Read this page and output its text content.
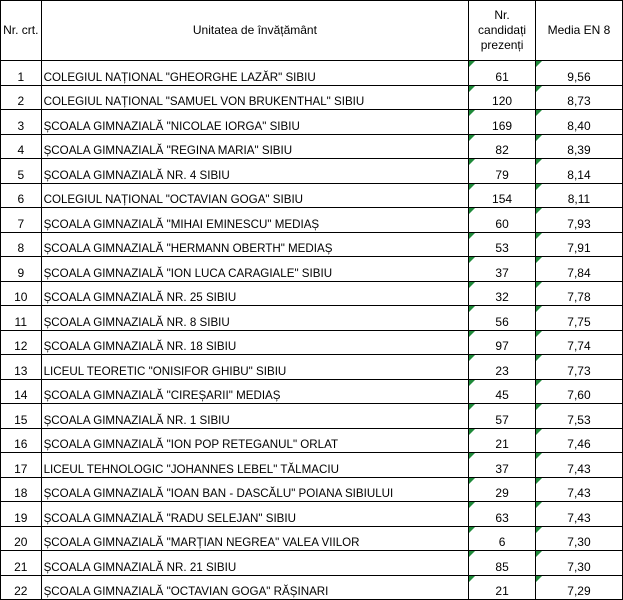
Nr. crt.	Unitatea de învățământ	Nr. candidați prezenți	Media EN 8
1	COLEGIUL NAȚIONAL "GHEORGHE LAZĂR" SIBIU	61	9,56
2	COLEGIUL NAȚIONAL "SAMUEL VON BRUKENTHAL" SIBIU	120	8,73
3	ȘCOALA GIMNAZIALĂ "NICOLAE IORGA" SIBIU	169	8,40
4	ȘCOALA GIMNAZIALĂ "REGINA MARIA" SIBIU	82	8,39
5	ȘCOALA GIMNAZIALĂ NR. 4 SIBIU	79	8,14
6	COLEGIUL NAȚIONAL "OCTAVIAN GOGA" SIBIU	154	8,11
7	ȘCOALA GIMNAZIALĂ "MIHAI EMINESCU" MEDIAȘ	60	7,93
8	ȘCOALA GIMNAZIALĂ "HERMANN OBERTH" MEDIAȘ	53	7,91
9	ȘCOALA GIMNAZIALĂ "ION LUCA CARAGIALE" SIBIU	37	7,84
10	ȘCOALA GIMNAZIALĂ NR. 25 SIBIU	32	7,78
11	ȘCOALA GIMNAZIALĂ NR. 8 SIBIU	56	7,75
12	ȘCOALA GIMNAZIALĂ NR. 18 SIBIU	97	7,74
13	LICEUL TEORETIC "ONISIFOR GHIBU" SIBIU	23	7,73
14	ȘCOALA GIMNAZIALĂ "CIREȘARII" MEDIAȘ	45	7,60
15	ȘCOALA GIMNAZIALĂ NR. 1 SIBIU	57	7,53
16	ȘCOALA GIMNAZIALĂ "ION POP RETEGANUL" ORLAT	21	7,46
17	LICEUL TEHNOLOGIC "JOHANNES LEBEL" TĂLMACIU	37	7,43
18	ȘCOALA GIMNAZIALĂ "IOAN BAN - DASCĂLU" POIANA SIBIULUI	29	7,43
19	ȘCOALA GIMNAZIALĂ "RADU SELEJAN" SIBIU	63	7,43
20	ȘCOALA GIMNAZIALĂ "MARȚIAN NEGREA" VALEA VIILOR	6	7,30
21	ȘCOALA GIMNAZIALĂ NR. 21 SIBIU	85	7,30
22	ȘCOALA GIMNAZIALĂ "OCTAVIAN GOGA" RĂȘINARI	21	7,29
